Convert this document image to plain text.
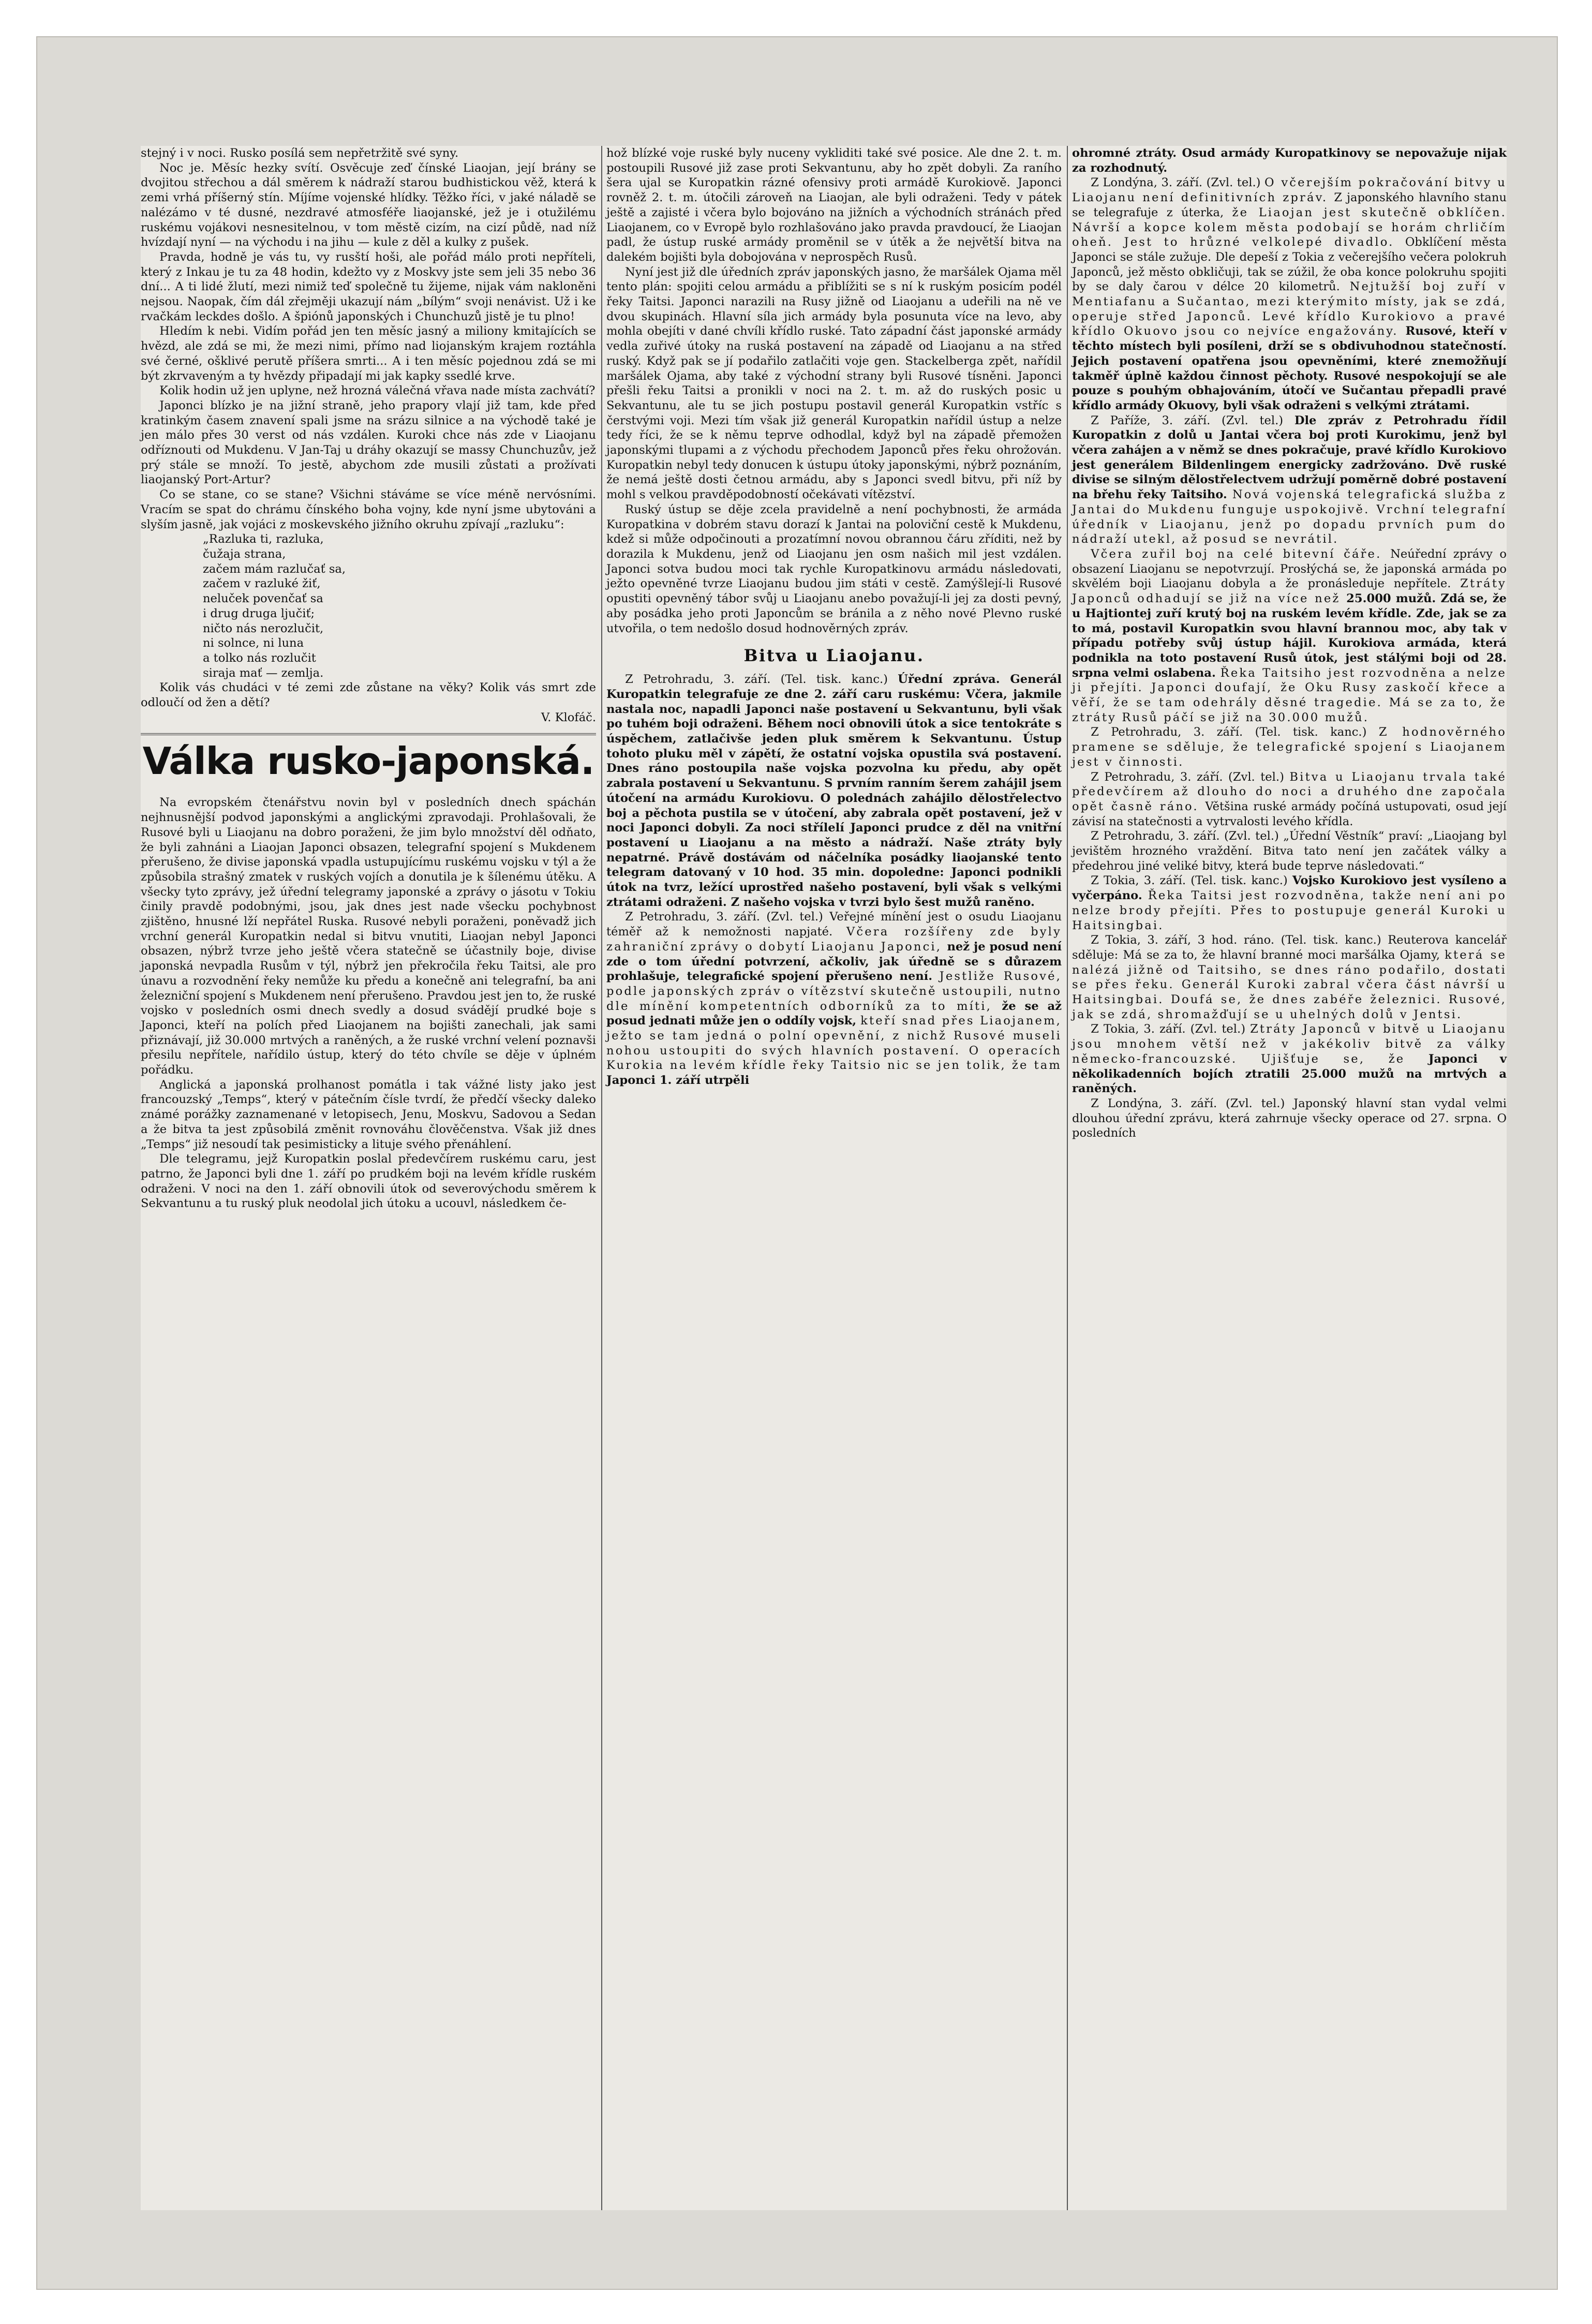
stejný i v noci. Rusko posílá sem nepřetržitě své syny.

Noc je. Měsíc hezky svítí. Osvěcuje zeď čínské Liaojan, její brány se dvojitou střechou a dál směrem k nádraží starou budhistickou věž, která k zemi vrhá příšerný stín. Míjíme vojenské hlídky. Těžko říci, v jaké náladě se nalézámo v té dusné, nezdravé atmosféře liaojanské, jež je i otužilému ruskému vojákovi nesnesitelnou, v tom městě cizím, na cizí půdě, nad níž hvízdají nyní — na východu i na jihu — kule z děl a kulky z pušek.

Pravda, hodně je vás tu, vy rusští hoši, ale pořád málo proti nepříteli, který z Inkau je tu za 48 hodin, kdežto vy z Moskvy jste sem jeli 35 nebo 36 dní... A ti lidé žlutí, mezi nimiž teď společně tu žijeme, nijak vám nakloněni nejsou. Naopak, čím dál zřejměji ukazují nám „bílým“ svoji nenávist. Už i ke rvačkám leckdes došlo. A špiónů japonských i Chunchuzů jistě je tu plno!

Hledím k nebi. Vidím pořád jen ten měsíc jasný a miliony kmitajících se hvězd, ale zdá se mi, že mezi nimi, přímo nad liojanským krajem roztáhla své černé, ošklivé perutě příšera smrti... A i ten měsíc pojednou zdá se mi být zkrvaveným a ty hvězdy připadají mi jak kapky ssedlé krve.

Kolik hodin už jen uplyne, než hrozná válečná vřava nade místa zachvátí?

Japonci blízko je na jižní straně, jeho prapory vlají již tam, kde před kratinkým časem znavení spali jsme na srázu silnice a na východě také je jen málo přes 30 verst od nás vzdálen. Kuroki chce nás zde v Liaojanu odříznouti od Mukdenu. V Jan-Taj u dráhy okazují se massy Chunchuzův, jež prý stále se množí. To jestě, abychom zde musili zůstati a prožívati liaojanský Port-Artur?

Co se stane, co se stane? Všichni stáváme se více méně nervósními. Vracím se spat do chrámu čínského boha vojny, kde nyní jsme ubytováni a slyším jasně, jak vojáci z moskevského jižního okruhu zpívají „razluku“:

„Razluka ti, razluka,
čužaja strana,
začem mám razlučať sa,
začem v razluké žiť,
neluček povenčať sa
i drug druga ljučiť;
ničto nás nerozlučit,
ni solnce, ni luna
a tolko nás rozlučit
siraja mať — zemlja.

Kolik vás chudáci v té zemi zde zůstane na věky? Kolik vás smrt zde odloučí od žen a dětí?

V. Klofáč.

Válka rusko-japonská.

Na evropském čtenářstvu novin byl v posledních dnech spáchán nejhnusnější podvod japonskými a anglickými zpravodaji. Prohlašovali, že Rusové byli u Liaojanu na dobro poraženi, že jim bylo množství děl odňato, že byli zahnáni a Liaojan Japonci obsazen, telegrafní spojení s Mukdenem přerušeno, že divise japonská vpadla ustupujícímu ruskému vojsku v týl a že způsobila strašný zmatek v ruských vojích a donutila je k šílenému útěku. A všecky tyto zprávy, jež úřední telegramy japonské a zprávy o jásotu v Tokiu činily pravdě podobnými, jsou, jak dnes jest nade všecku pochybnost zjištěno, hnusné lží nepřátel Ruska. Rusové nebyli poraženi, poněvadž jich vrchní generál Kuropatkin nedal si bitvu vnutiti, Liaojan nebyl Japonci obsazen, nýbrž tvrze jeho ještě včera statečně se účastnily boje, divise japonská nevpadla Rusům v týl, nýbrž jen překročila řeku Taitsi, ale pro únavu a rozvodnění řeky nemůže ku předu a konečně ani telegrafní, ba ani železniční spojení s Mukdenem není přerušeno. Pravdou jest jen to, že ruské vojsko v posledních osmi dnech svedly a dosud svádějí prudké boje s Japonci, kteří na polích před Liaojanem na bojišti zanechali, jak sami přiznávají, již 30.000 mrtvých a raněných, a že ruské vrchní velení poznavši přesilu nepřítele, nařídilo ústup, který do této chvíle se děje v úplném pořádku.

Anglická a japonská prolhanost pomátla i tak vážné listy jako jest francouzský „Temps“, který v pátečním čísle tvrdí, že předčí všecky daleko známé porážky zaznamenané v letopisech, Jenu, Moskvu, Sadovou a Sedan a že bitva ta jest způsobilá změnit rovnováhu člověčenstva. Však již dnes „Temps“ již nesoudí tak pesimisticky a lituje svého přenáhlení.

Dle telegramu, jejž Kuropatkin poslal předevčírem ruskému caru, jest patrno, že Japonci byli dne 1. září po prudkém boji na levém křídle ruském odraženi. V noci na den 1. září obnovili útok od severovýchodu směrem k Sekvantunu a tu ruský pluk neodolal jich útoku a ucouvl, následkem če-

hož blízké voje ruské byly nuceny vykliditi také své posice. Ale dne 2. t. m. postoupili Rusové již zase proti Sekvantunu, aby ho zpět dobyli. Za raního šera ujal se Kuropatkin rázné ofensivy proti armádě Kurokiově. Japonci rovněž 2. t. m. útočili zároveň na Liaojan, ale byli odraženi. Tedy v pátek ještě a zajisté i včera bylo bojováno na jižních a východních stránách před Liaojanem, co v Evropě bylo rozhlašováno jako pravda pravdoucí, že Liaojan padl, že ústup ruské armády proměnil se v útěk a že největší bitva na dalekém bojišti byla dobojována v neprospěch Rusů.

Nyní jest již dle úředních zpráv japonských jasno, že maršálek Ojama měl tento plán: spojiti celou armádu a přiblížiti se s ní k ruským posicím podél řeky Taitsi. Japonci narazili na Rusy jižně od Liaojanu a udeřili na ně ve dvou skupinách. Hlavní síla jich armády byla posunuta více na levo, aby mohla obejíti v dané chvíli křídlo ruské. Tato západní část japonské armády vedla zuřivé útoky na ruská postavení na západě od Liaojanu a na střed ruský. Když pak se jí podařilo zatlačiti voje gen. Stackelberga zpět, nařídil maršálek Ojama, aby také z východní strany byli Rusové tísněni. Japonci přešli řeku Taitsi a pronikli v noci na 2. t. m. až do ruských posic u Sekvantunu, ale tu se jich postupu postavil generál Kuropatkin vstříc s čerstvými voji. Mezi tím však již generál Kuropatkin nařídil ústup a nelze tedy říci, že se k němu teprve odhodlal, když byl na západě přemožen japonskými tlupami a z východu přechodem Japonců přes řeku ohrožován. Kuropatkin nebyl tedy donucen k ústupu útoky japonskými, nýbrž poznáním, že nemá ještě dosti četnou armádu, aby s Japonci svedl bitvu, při níž by mohl s velkou pravděpodobností očekávati vítězství.

Ruský ústup se děje zcela pravidelně a není pochybnosti, že armáda Kuropatkina v dobrém stavu dorazí k Jantai na poloviční cestě k Mukdenu, kdež si může odpočinouti a prozatímní novou obrannou čáru zříditi, než by dorazila k Mukdenu, jenž od Liaojanu jen osm našich mil jest vzdálen. Japonci sotva budou moci tak rychle Kuropatkinovu armádu následovati, ježto opevněné tvrze Liaojanu budou jim státi v cestě. Zamýšlejí-li Rusové opustiti opevněný tábor svůj u Liaojanu anebo považují-li jej za dosti pevný, aby posádka jeho proti Japoncům se bránila a z něho nové Plevno ruské utvořila, o tem nedošlo dosud hodnověrných zpráv.

Bitva u Liaojanu.

Z Petrohradu, 3. září. (Tel. tisk. kanc.) Úřední zpráva. Generál Kuropatkin telegrafuje ze dne 2. září caru ruskému: Včera, jakmile nastala noc, napadli Japonci naše postavení u Sekvantunu, byli však po tuhém boji odraženi. Během noci obnovili útok a sice tentokráte s úspěchem, zatlačivše jeden pluk směrem k Sekvantunu. Ústup tohoto pluku měl v zápětí, že ostatní vojska opustila svá postavení. Dnes ráno postoupila naše vojska pozvolna ku předu, aby opět zabrala postavení u Sekvantunu. S prvním ranním šerem zahájil jsem útočení na armádu Kurokiovu. O polednách zahájilo dělostřelectvo boj a pěchota pustila se v útočení, aby zabrala opět postavení, jež v noci Japonci dobyli. Za noci střílelí Japonci prudce z děl na vnitřní postavení u Liaojanu a na město a nádraží. Naše ztráty byly nepatrné. Právě dostávám od náčelníka posádky liaojanské tento telegram datovaný v 10 hod. 35 min. dopoledne: Japonci podnikli útok na tvrz, ležící uprostřed našeho postavení, byli však s velkými ztrátami odraženi. Z našeho vojska v tvrzi bylo šest mužů raněno.

Z Petrohradu, 3. září. (Zvl. tel.) Veřejné mínění jest o osudu Liaojanu téměř až k nemožnosti napjaté. Včera rozšířeny zde byly zahraniční zprávy o dobytí Liaojanu Japonci, než je posud není zde o tom úřední potvrzení, ačkoliv, jak úředně se s důrazem prohlašuje, telegrafické spojení přerušeno není. Jestliže Rusové, podle japonských zpráv o vítězství skutečně ustoupili, nutno dle mínění kompetentních odborníků za to míti, že se až posud jednati může jen o oddíly vojsk, kteří snad přes Liaojanem, ježto se tam jedná o polní opevnění, z nichž Rusové museli nohou ustoupiti do svých hlavních postavení. O operacích Kurokia na levém křídle řeky Taitsio nic se jen tolik, že tam Japonci 1. září utrpěli

ohromné ztráty. Osud armády Kuropatkinovy se nepovažuje nijak za rozhodnutý.

Z Londýna, 3. září. (Zvl. tel.) O včerejším pokračování bitvy u Liaojanu není definitivních zpráv. Z japonského hlavního stanu se telegrafuje z úterka, že Liaojan jest skutečně obklíčen. Návrší a kopce kolem města podobají se horám chrličím oheň. Jest to hrůzné velkolepé divadlo. Obklíčení města Japonci se stále zužuje. Dle depeší z Tokia z večerejšího večera polokruh Japonců, jež město obkličuji, tak se zúžil, že oba konce polokruhu spojiti by se daly čarou v délce 20 kilometrů. Nejtužší boj zuří v Mentiafanu a Sučantao, mezi kterýmito místy, jak se zdá, operuje střed Japonců. Levé křídlo Kurokiovo a pravé křídlo Okuovo jsou co nejvíce engažovány. Rusové, kteří v těchto místech byli posíleni, drží se s obdivuhodnou statečností. Jejich postavení opatřena jsou opevněními, které znemožňují takměř úplně každou činnost pěchoty. Rusové nespokojují se ale pouze s pouhým obhajováním, útočí ve Sučantau přepadli pravé křídlo armády Okuovy, byli však odraženi s velkými ztrátami.

Z Paříže, 3. září. (Zvl. tel.) Dle zpráv z Petrohradu řídil Kuropatkin z dolů u Jantai včera boj proti Kurokimu, jenž byl včera zahájen a v němž se dnes pokračuje, pravé křídlo Kurokiovo jest generálem Bildenlingem energicky zadržováno. Dvě ruské divise se silným dělostřelectvem udržují poměrně dobré postavení na břehu řeky Taitsiho. Nová vojenská telegrafická služba z Jantai do Mukdenu funguje uspokojivě. Vrchní telegrafní úředník v Liaojanu, jenž po dopadu prvních pum do nádraží utekl, až posud se nevrátil.

Včera zuřil boj na celé bitevní čáře. Neúřední zprávy o obsazení Liaojanu se nepotvrzují. Prosłýchá se, že japonská armáda po skvělém boji Liaojanu dobyla a že pronásleduje nepřítele. Ztráty Japonců odhadují se již na více než 25.000 mužů. Zdá se, že u Hajtiontej zuří krutý boj na ruském levém křídle. Zde, jak se za to má, postavil Kuropatkin svou hlavní brannou moc, aby tak v případu potřeby svůj ústup hájil. Kurokiova armáda, která podnikla na toto postavení Rusů útok, jest stálými boji od 28. srpna velmi oslabena. Řeka Taitsiho jest rozvodněna a nelze ji přejíti. Japonci doufají, že Oku Rusy zaskočí křece a věří, že se tam odehrály děsné tragedie. Má se za to, že ztráty Rusů páčí se již na 30.000 mužů.

Z Petrohradu, 3. září. (Tel. tisk. kanc.) Z hodnověrného pramene se sděluje, že telegrafické spojení s Liaojanem jest v činnosti.

Z Petrohradu, 3. září. (Zvl. tel.) Bitva u Liaojanu trvala také předevčírem až dlouho do noci a druhého dne započala opět časně ráno. Většina ruské armády počíná ustupovati, osud její závisí na statečnosti a vytrvalosti levého křídla.

Z Petrohradu, 3. září. (Zvl. tel.) „Úřední Věstník“ praví: „Liaojang byl jevištěm hrozného vraždění. Bitva tato není jen začátek války a předehrou jiné veliké bitvy, která bude teprve následovati.“

Z Tokia, 3. září. (Tel. tisk. kanc.) Vojsko Kurokiovo jest vysíleno a vyčerpáno. Řeka Taitsi jest rozvodněna, takže není ani po nelze brody přejíti. Přes to postupuje generál Kuroki u Haitsingbai.

Z Tokia, 3. září, 3 hod. ráno. (Tel. tisk. kanc.) Reuterova kancelář sděluje: Má se za to, že hlavní branné moci maršálka Ojamy, která se nalézá jižně od Taitsiho, se dnes ráno podařilo, dostati se přes řeku. Generál Kuroki zabral včera část návrší u Haitsingbai. Doufá se, že dnes zabéře železnici. Rusové, jak se zdá, shromažďují se u uhelných dolů v Jentsi.

Z Tokia, 3. září. (Zvl. tel.) Ztráty Japonců v bitvě u Liaojanu jsou mnohem větší než v jakékoliv bitvě za války německo-francouzské. Ujišťuje se, že Japonci v několikadenních bojích ztratili 25.000 mužů na mrtvých a raněných.

Z Londýna, 3. září. (Zvl. tel.) Japonský hlavní stan vydal velmi dlouhou úřední zprávu, která zahrnuje všecky operace od 27. srpna. O posledních
